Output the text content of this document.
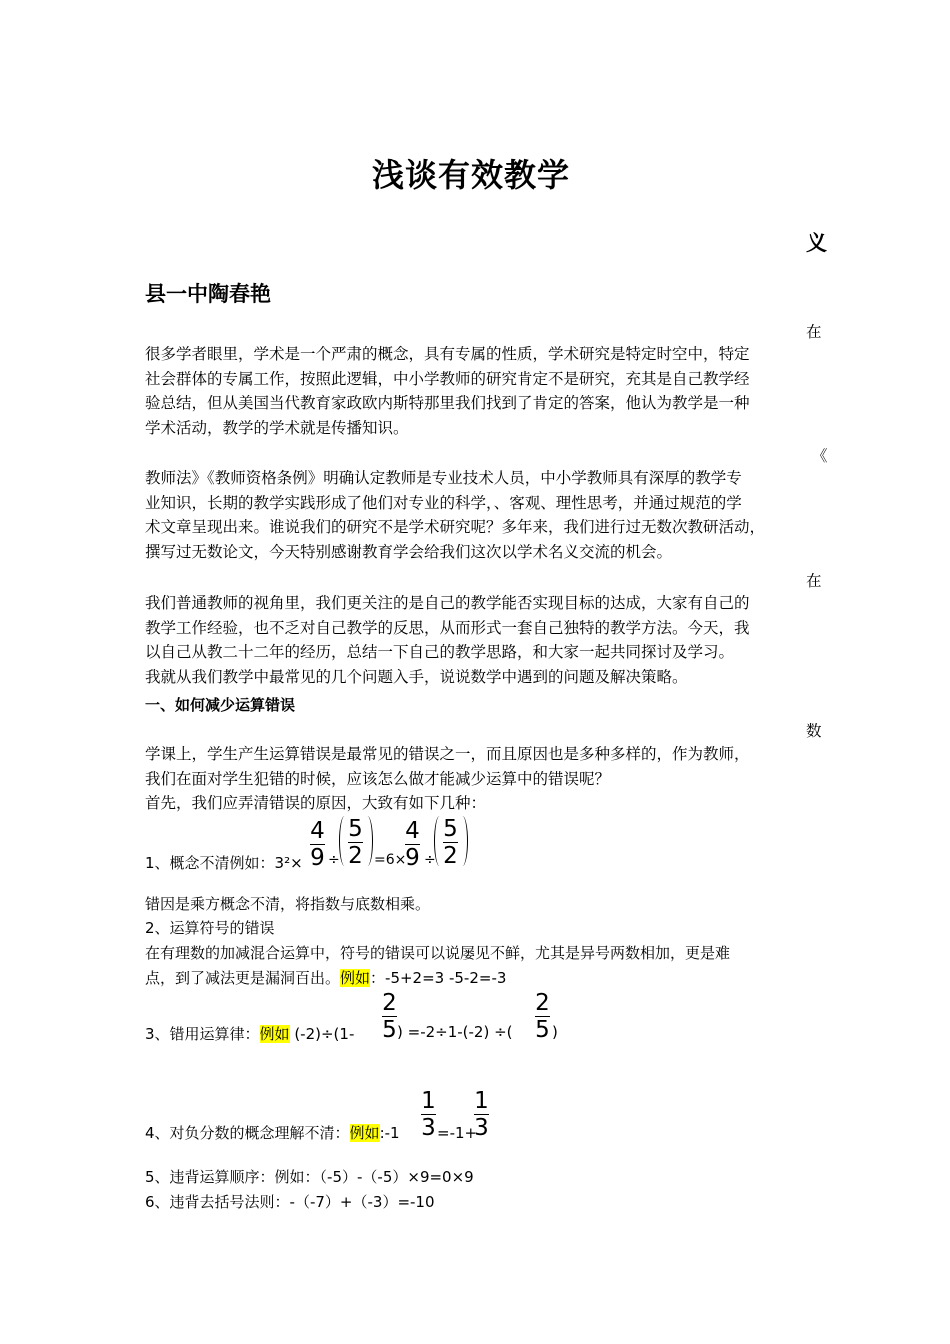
浅谈有效教学
义
县一中陶春艳
在
很多学者眼里，学术是一个严肃的概念，具有专属的性质，学术研究是特定时空中，特定
社会群体的专属工作，按照此逻辑，中小学教师的研究肯定不是研究，充其是自己教学经
验总结，但从美国当代教育家政欧内斯特那里我们找到了肯定的答案，他认为教学是一种
学术活动，教学的学术就是传播知识。
《
教师法》《教师资格条例》明确认定教师是专业技术人员，中小学教师具有深厚的教学专
业知识，长期的教学实践形成了他们对专业的科学，、客观、理性思考，并通过规范的学
术文章呈现出来。谁说我们的研究不是学术研究呢？多年来，我们进行过无数次教研活动，
撰写过无数论文，今天特别感谢教育学会给我们这次以学术名义交流的机会。
在
我们普通教师的视角里，我们更关注的是自己的教学能否实现目标的达成，大家有自己的
教学工作经验，也不乏对自己教学的反思，从而形式一套自己独特的教学方法。今天，我
以自己从教二十二年的经历，总结一下自己的教学思路，和大家一起共同探讨及学习。
我就从我们教学中最常见的几个问题入手，说说数学中遇到的问题及解决策略。
一、如何减少运算错误
数
学课上，学生产生运算错误是最常见的错误之一，而且原因也是多种多样的，作为教师，
我们在面对学生犯错的时候，应该怎么做才能减少运算中的错误呢？
首先，我们应弄清错误的原因，大致有如下几种：
1、概念不清例如：3²×
4
9 ÷
5
2 =6×
4
9 ÷
5
2
错因是乘方概念不清，将指数与底数相乘。
2、运算符号的错误
在有理数的加减混合运算中，符号的错误可以说屡见不鲜，尤其是异号两数相加，更是难
点，到了减法更是漏洞百出。例如：-5+2=3 -5-2=-3
3、错用运算律：例如 (-2)÷(1-
2
5 ) =-2÷1-(-2) ÷(
2
5 )
4、对负分数的概念理解不清：例如:-1
1
3 =-1+
1
3
5、违背运算顺序：例如：（-5）-（-5）×9=0×9
6、违背去括号法则：-（-7）+（-3）=-10
